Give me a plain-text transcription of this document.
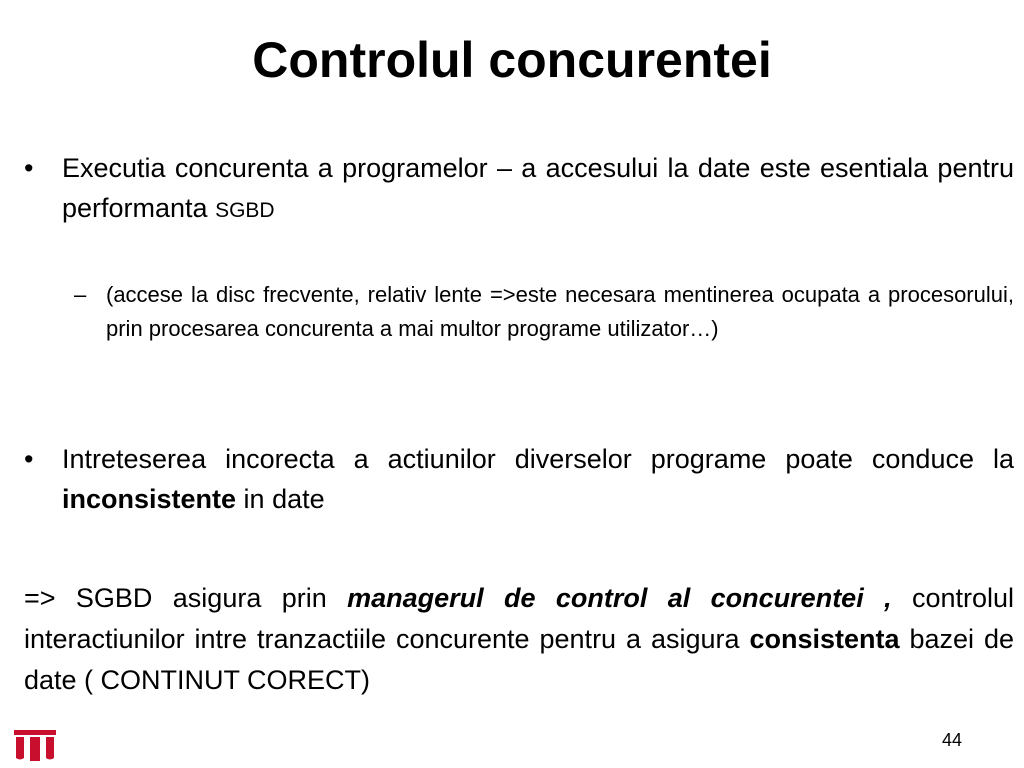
Controlul concurentei
•	Executia concurenta a programelor – a accesului la date este esentiala pentru performanta SGBD
– (accese la disc frecvente, relativ lente =>este necesara mentinerea ocupata a procesorului, prin procesarea concurenta a mai multor programe utilizator…)
•	Intreteserea incorecta a actiunilor diverselor programe poate conduce la inconsistente in date
=> SGBD asigura prin managerul de control al concurentei , controlul interactiunilor intre tranzactiile concurente pentru a asigura consistenta bazei de date ( CONTINUT CORECT)
44
